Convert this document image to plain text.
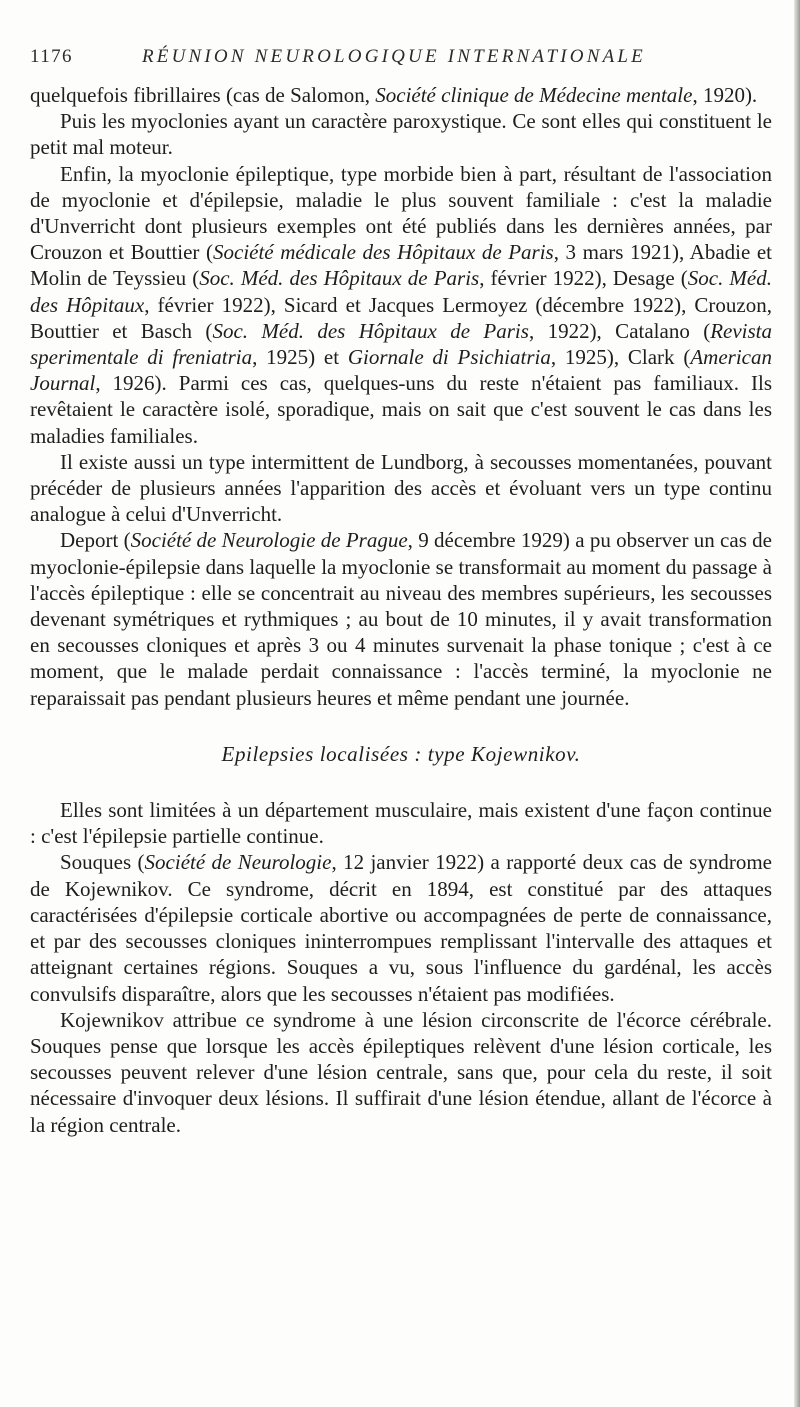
1176	RÉUNION NEUROLOGIQUE INTERNATIONALE

quelquefois fibrillaires (cas de Salomon, Société clinique de Médecine mentale, 1920).

Puis les myoclonies ayant un caractère paroxystique. Ce sont elles qui constituent le petit mal moteur.

Enfin, la myoclonie épileptique, type morbide bien à part, résultant de l'association de myoclonie et d'épilepsie, maladie le plus souvent familiale : c'est la maladie d'Unverricht dont plusieurs exemples ont été publiés dans les dernières années, par Crouzon et Bouttier (Société médicale des Hôpitaux de Paris, 3 mars 1921), Abadie et Molin de Teyssieu (Soc. Méd. des Hôpitaux de Paris, février 1922), Desage (Soc. Méd. des Hôpitaux, février 1922), Sicard et Jacques Lermoyez (décembre 1922), Crouzon, Bouttier et Basch (Soc. Méd. des Hôpitaux de Paris, 1922), Catalano (Revista sperimentale di freniatria, 1925) et Giornale di Psichiatria, 1925), Clark (American Journal, 1926). Parmi ces cas, quelques-uns du reste n'étaient pas familiaux. Ils revêtaient le caractère isolé, sporadique, mais on sait que c'est souvent le cas dans les maladies familiales.

Il existe aussi un type intermittent de Lundborg, à secousses momentanées, pouvant précéder de plusieurs années l'apparition des accès et évoluant vers un type continu analogue à celui d'Unverricht.

Deport (Société de Neurologie de Prague, 9 décembre 1929) a pu observer un cas de myoclonie-épilepsie dans laquelle la myoclonie se transformait au moment du passage à l'accès épileptique : elle se concentrait au niveau des membres supérieurs, les secousses devenant symétriques et rythmiques ; au bout de 10 minutes, il y avait transformation en secousses cloniques et après 3 ou 4 minutes survenait la phase tonique ; c'est à ce moment, que le malade perdait connaissance : l'accès terminé, la myoclonie ne reparaissait pas pendant plusieurs heures et même pendant une journée.

Epilepsies localisées : type Kojewnikov.

Elles sont limitées à un département musculaire, mais existent d'une façon continue : c'est l'épilepsie partielle continue.

Souques (Société de Neurologie, 12 janvier 1922) a rapporté deux cas de syndrome de Kojewnikov. Ce syndrome, décrit en 1894, est constitué par des attaques caractérisées d'épilepsie corticale abortive ou accompagnées de perte de connaissance, et par des secousses cloniques ininterrompues remplissant l'intervalle des attaques et atteignant certaines régions. Souques a vu, sous l'influence du gardénal, les accès convulsifs disparaître, alors que les secousses n'étaient pas modifiées.

Kojewnikov attribue ce syndrome à une lésion circonscrite de l'écorce cérébrale. Souques pense que lorsque les accès épileptiques relèvent d'une lésion corticale, les secousses peuvent relever d'une lésion centrale, sans que, pour cela du reste, il soit nécessaire d'invoquer deux lésions. Il suffirait d'une lésion étendue, allant de l'écorce à la région centrale.
